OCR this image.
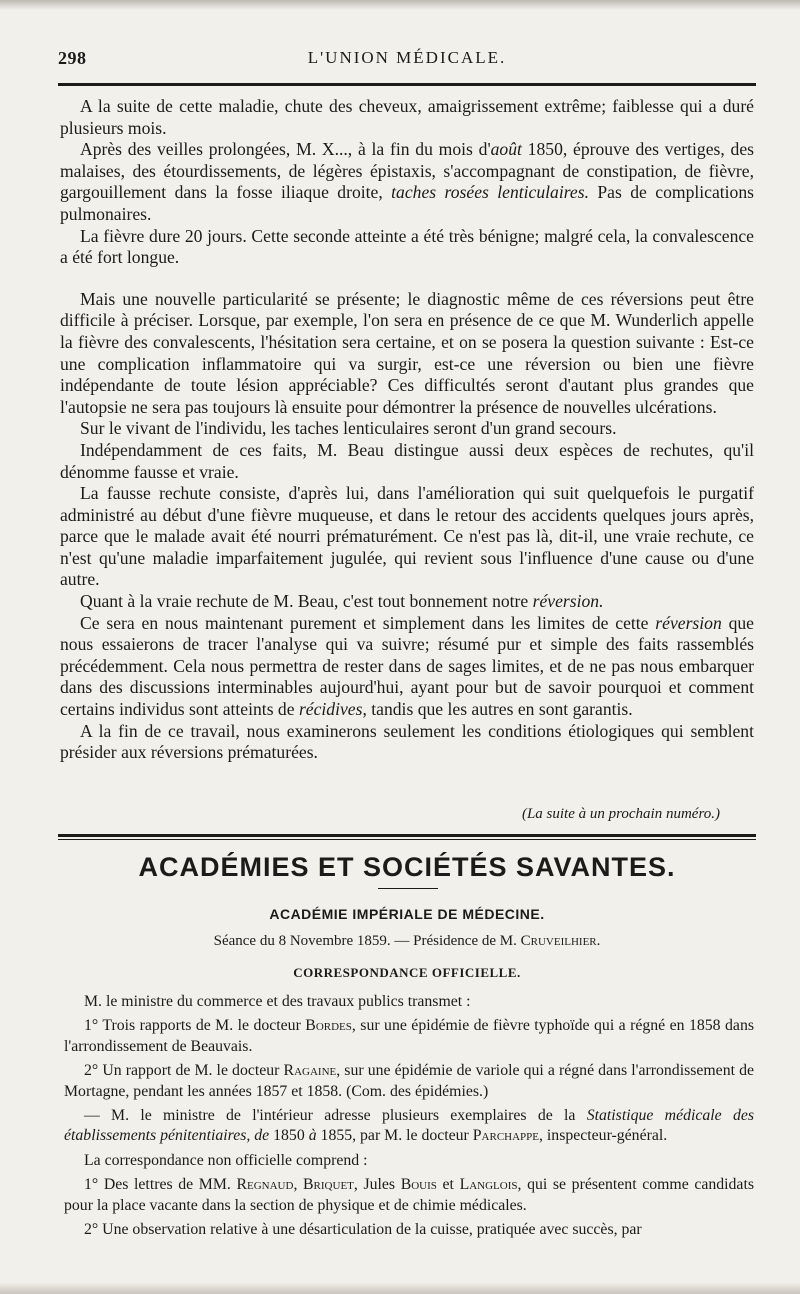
L'UNION MÉDICALE.
298

A la suite de cette maladie, chute des cheveux, amaigrissement extrême; faiblesse qui a duré plusieurs mois.

Après des veilles prolongées, M. X..., à la fin du mois d'août 1850, éprouve des vertiges, des malaises, des étourdissements, de légères épistaxis, s'accompagnant de constipation, de fièvre, gargouillement dans la fosse iliaque droite, taches rosées lenticulaires. Pas de complications pulmonaires.

La fièvre dure 20 jours. Cette seconde atteinte a été très bénigne; malgré cela, la convalescence a été fort longue.

Mais une nouvelle particularité se présente; le diagnostic même de ces réversions peut être difficile à préciser. Lorsque, par exemple, l'on sera en présence de ce que M. Wunderlich appelle la fièvre des convalescents, l'hésitation sera certaine, et on se posera la question suivante : Est-ce une complication inflammatoire qui va surgir, est-ce une réversion ou bien une fièvre indépendante de toute lésion appréciable? Ces difficultés seront d'autant plus grandes que l'autopsie ne sera pas toujours là ensuite pour démontrer la présence de nouvelles ulcérations.

Sur le vivant de l'individu, les taches lenticulaires seront d'un grand secours.

Indépendamment de ces faits, M. Beau distingue aussi deux espèces de rechutes, qu'il dénomme fausse et vraie.

La fausse rechute consiste, d'après lui, dans l'amélioration qui suit quelquefois le purgatif administré au début d'une fièvre muqueuse, et dans le retour des accidents quelques jours après, parce que le malade avait été nourri prématurément. Ce n'est pas là, dit-il, une vraie rechute, ce n'est qu'une maladie imparfaitement jugulée, qui revient sous l'influence d'une cause ou d'une autre.

Quant à la vraie rechute de M. Beau, c'est tout bonnement notre réversion.

Ce sera en nous maintenant purement et simplement dans les limites de cette réversion que nous essaierons de tracer l'analyse qui va suivre; résumé pur et simple des faits rassemblés précédemment. Cela nous permettra de rester dans de sages limites, et de ne pas nous embarquer dans des discussions interminables aujourd'hui, ayant pour but de savoir pourquoi et comment certains individus sont atteints de récidives, tandis que les autres en sont garantis.

A la fin de ce travail, nous examinerons seulement les conditions étiologiques qui semblent présider aux réversions prématurées.

(La suite à un prochain numéro.)
ACADÉMIES ET SOCIÉTÉS SAVANTES.
ACADÉMIE IMPÉRIALE DE MÉDECINE.
Séance du 8 Novembre 1859. — Présidence de M. Cruveilhier.
CORRESPONDANCE OFFICIELLE.

M. le ministre du commerce et des travaux publics transmet :

1° Trois rapports de M. le docteur Bordes, sur une épidémie de fièvre typhoïde qui a régné en 1858 dans l'arrondissement de Beauvais.

2° Un rapport de M. le docteur Ragaine, sur une épidémie de variole qui a régné dans l'arrondissement de Mortagne, pendant les années 1857 et 1858. (Com. des épidémies.)

— M. le ministre de l'intérieur adresse plusieurs exemplaires de la Statistique médicale des établissements pénitentiaires, de 1850 à 1855, par M. le docteur Parchappe, inspecteur-général.

La correspondance non officielle comprend :

1° Des lettres de MM. Regnaud, Briquet, Jules Bouis et Langlois, qui se présentent comme candidats pour la place vacante dans la section de physique et de chimie médicales.

2° Une observation relative à une désarticulation de la cuisse, pratiquée avec succès, par
